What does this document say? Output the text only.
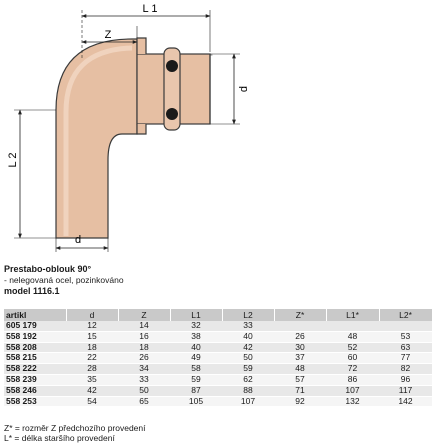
L 1
Z
L 2
d
d
Prestabo-oblouk 90°
- nelegovaná ocel, pozinkováno
model 1116.1
artikl	d	Z	L1	L2	Z*	L1*	L2*
605 179	12	14	32	33			
558 192	15	16	38	40	26	48	53
558 208	18	18	40	42	30	52	63
558 215	22	26	49	50	37	60	77
558 222	28	34	58	59	48	72	82
558 239	35	33	59	62	57	86	96
558 246	42	50	87	88	71	107	117
558 253	54	65	105	107	92	132	142
Z* = rozměr Z předchozího provedení
L* = délka staršího provedení
